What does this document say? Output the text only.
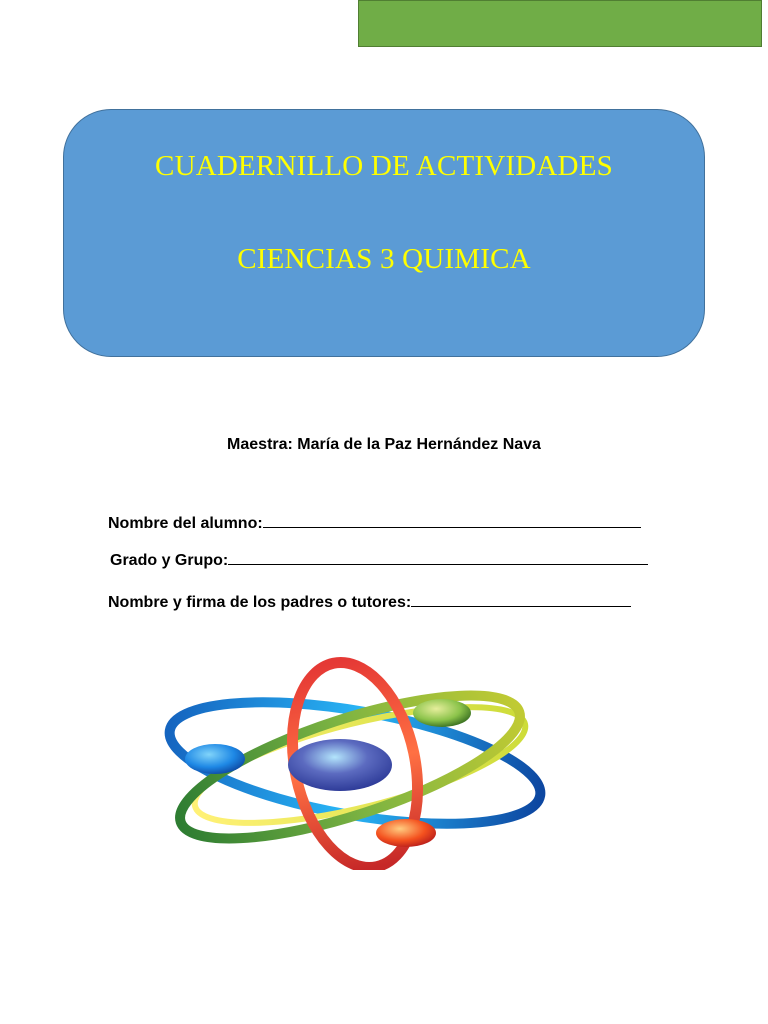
CUADERNILLO DE ACTIVIDADES
CIENCIAS 3 QUIMICA
Maestra: María de la Paz Hernández Nava
Nombre del alumno:
Grado y Grupo:
Nombre y firma de los padres o tutores:
